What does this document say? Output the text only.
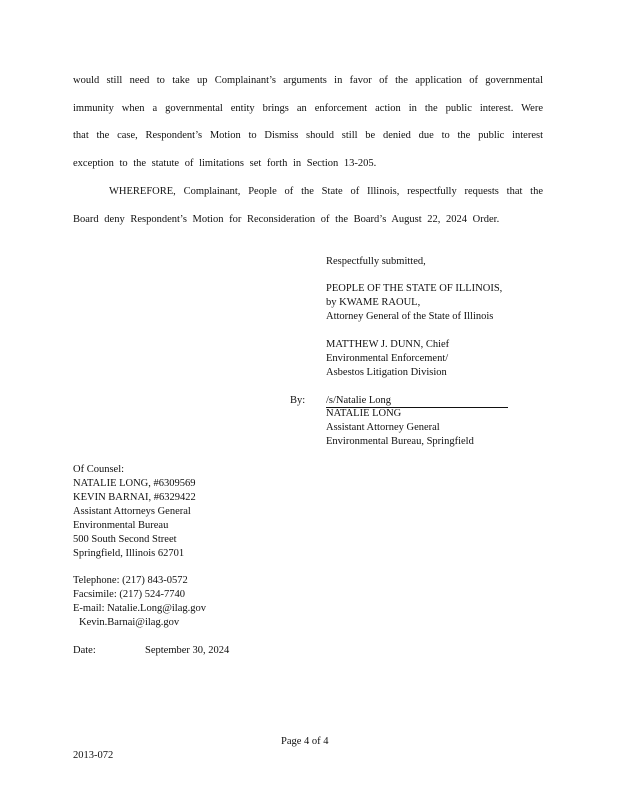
would still need to take up Complainant’s arguments in favor of the application of governmental
immunity when a governmental entity brings an enforcement action in the public interest. Were
that the case, Respondent’s Motion to Dismiss should still be denied due to the public interest
exception to the statute of limitations set forth in Section 13-205.
WHEREFORE, Complainant, People of the State of Illinois, respectfully requests that the
Board deny Respondent’s Motion for Reconsideration of the Board’s August 22, 2024 Order.
Respectfully submitted,
PEOPLE OF THE STATE OF ILLINOIS,
by KWAME RAOUL,
Attorney General of the State of Illinois
MATTHEW J. DUNN, Chief
Environmental Enforcement/
Asbestos Litigation Division
By: /s/Natalie Long
NATALIE LONG
Assistant Attorney General
Environmental Bureau, Springfield
Of Counsel:
NATALIE LONG, #6309569
KEVIN BARNAI, #6329422
Assistant Attorneys General
Environmental Bureau
500 South Second Street
Springfield, Illinois 62701
Telephone: (217) 843-0572
Facsimile: (217) 524-7740
E-mail: Natalie.Long@ilag.gov
Kevin.Barnai@ilag.gov
Date:	September 30, 2024
Page 4 of 4
2013-072
